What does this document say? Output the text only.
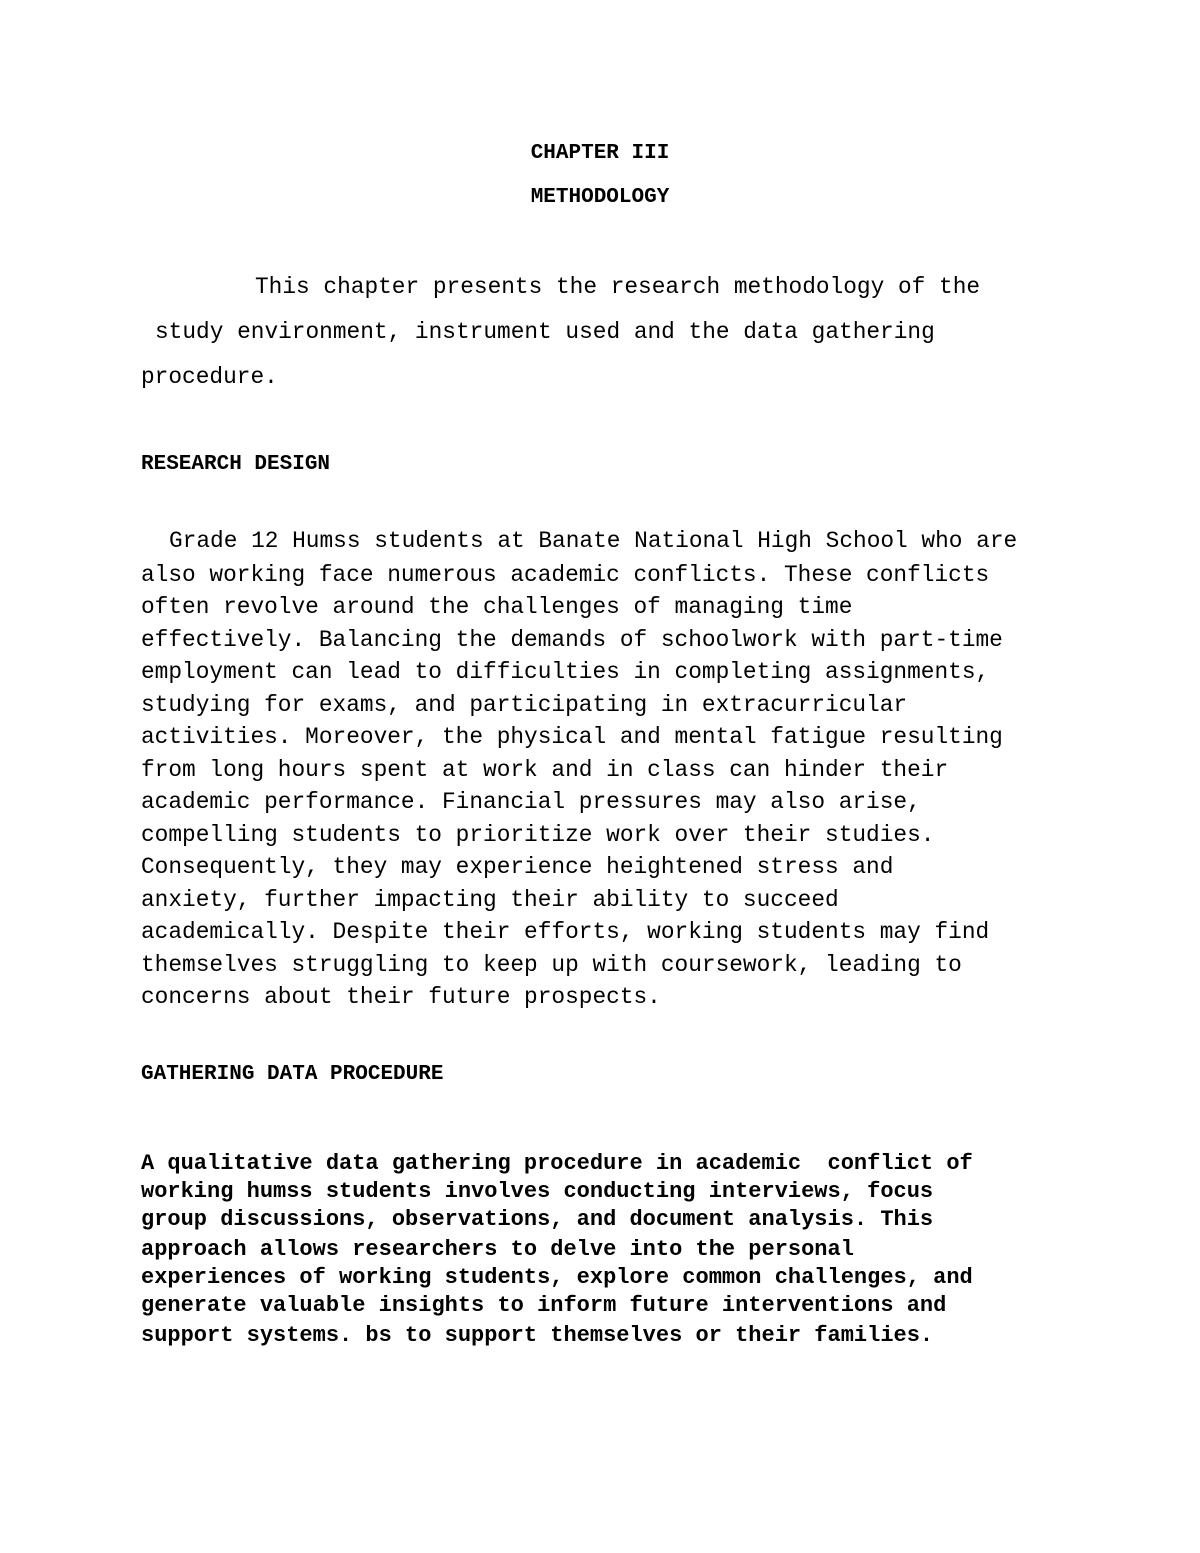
CHAPTER III
METHODOLOGY
This chapter presents the research methodology of the
study environment, instrument used and the data gathering
procedure.
RESEARCH DESIGN
Grade 12 Humss students at Banate National High School who are
also working face numerous academic conflicts. These conflicts
often revolve around the challenges of managing time
effectively. Balancing the demands of schoolwork with part-time
employment can lead to difficulties in completing assignments,
studying for exams, and participating in extracurricular
activities. Moreover, the physical and mental fatigue resulting
from long hours spent at work and in class can hinder their
academic performance. Financial pressures may also arise,
compelling students to prioritize work over their studies.
Consequently, they may experience heightened stress and
anxiety, further impacting their ability to succeed
academically. Despite their efforts, working students may find
themselves struggling to keep up with coursework, leading to
concerns about their future prospects.
GATHERING DATA PROCEDURE
A qualitative data gathering procedure in academic  conflict of
working humss students involves conducting interviews, focus
group discussions, observations, and document analysis. This
approach allows researchers to delve into the personal
experiences of working students, explore common challenges, and
generate valuable insights to inform future interventions and
support systems. bs to support themselves or their families.
